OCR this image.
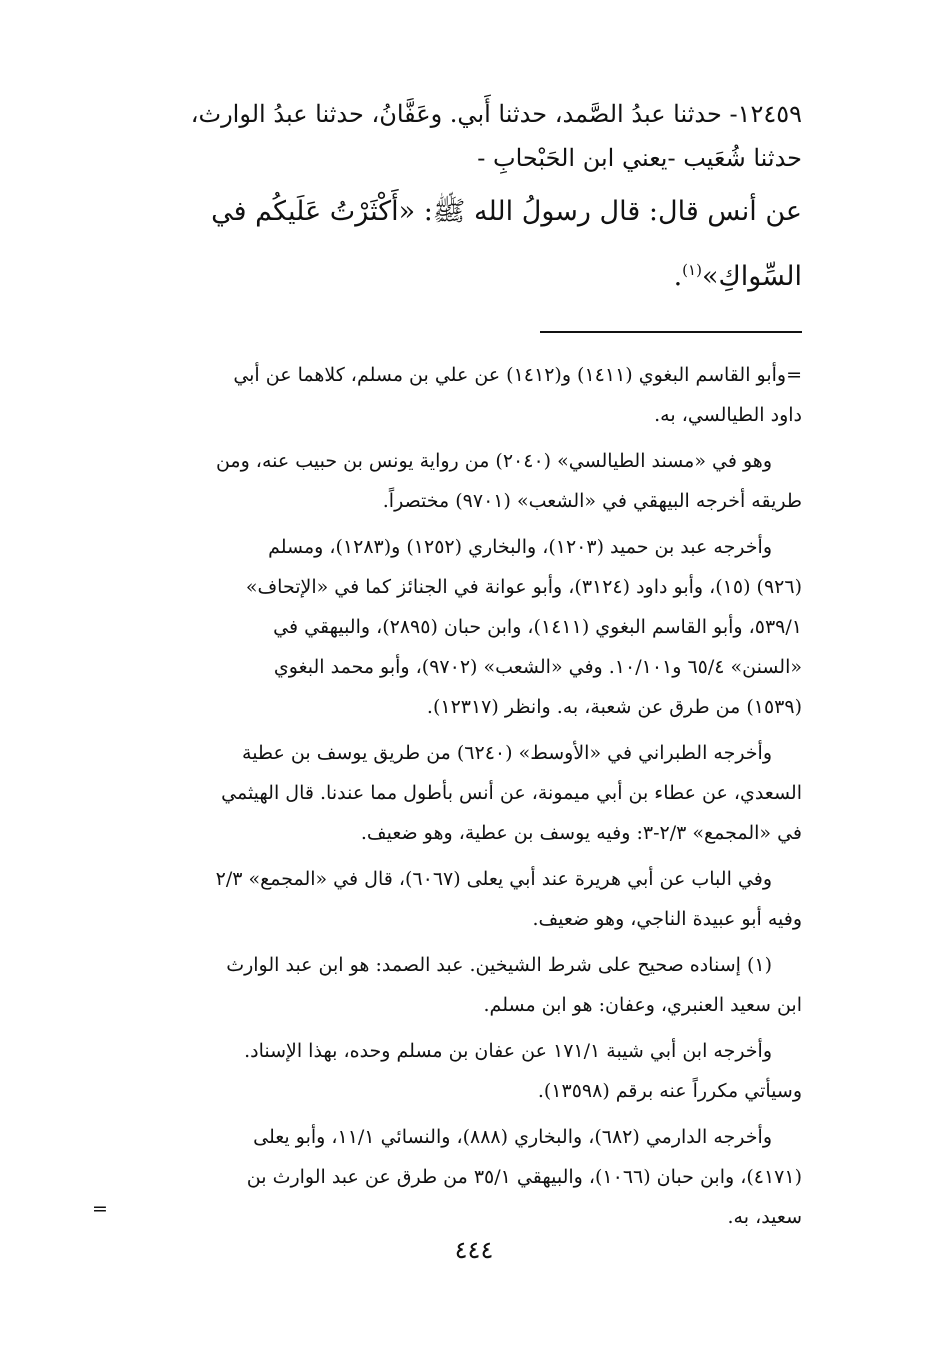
١٢٤٥٩- حدثنا عبدُ الصَّمد، حدثنا أَبي. وعَفَّانُ، حدثنا عبدُ الوارث،

حدثنا شُعَيب -يعني ابن الحَبْحابِ -

عن أنس قال: قال رسولُ الله ﷺ: «أَكْثَرْتُ عَلَيكُم في

السِّواكِ»$^{(١)}$.

=وأبو القاسم البغوي (١٤١١) و(١٤١٢) عن علي بن مسلم، كلاهما عن أبي

داود الطيالسي، به.

وهو في «مسند الطيالسي» (٢٠٤٠) من رواية يونس بن حبيب عنه، ومن

طريقه أخرجه البيهقي في «الشعب» (٩٧٠١) مختصراً.

وأخرجه عبد بن حميد (١٢٠٣)، والبخاري (١٢٥٢) و(١٢٨٣)، ومسلم

(٩٢٦) (١٥)، وأبو داود (٣١٢٤)، وأبو عوانة في الجنائز كما في «الإتحاف»

٥٣٩/١، وأبو القاسم البغوي (١٤١١)، وابن حبان (٢٨٩٥)، والبيهقي في

«السنن» ٦٥/٤ و١٠/١٠١. وفي «الشعب» (٩٧٠٢)، وأبو محمد البغوي

(١٥٣٩) من طرق عن شعبة، به. وانظر (١٢٣١٧).

وأخرجه الطبراني في «الأوسط» (٦٢٤٠) من طريق يوسف بن عطية

السعدي، عن عطاء بن أبي ميمونة، عن أنس بأطول مما عندنا. قال الهيثمي

في «المجمع» ٢/٣-٣: وفيه يوسف بن عطية، وهو ضعيف.

وفي الباب عن أبي هريرة عند أبي يعلى (٦٠٦٧)، قال في «المجمع» ٢/٣

وفيه أبو عبيدة الناجي، وهو ضعيف.

(١) إسناده صحيح على شرط الشيخين. عبد الصمد: هو ابن عبد الوارث

ابن سعيد العنبري، وعفان: هو ابن مسلم.

وأخرجه ابن أبي شيبة ١٧١/١ عن عفان بن مسلم وحده، بهذا الإسناد.

وسيأتي مكرراً عنه برقم (١٣٥٩٨).

وأخرجه الدارمي (٦٨٢)، والبخاري (٨٨٨)، والنسائي ١١/١، وأبو يعلى

(٤١٧١)، وابن حبان (١٠٦٦)، والبيهقي ٣٥/١ من طرق عن عبد الوارث بن

سعيد، به.

=
٤٤٤
